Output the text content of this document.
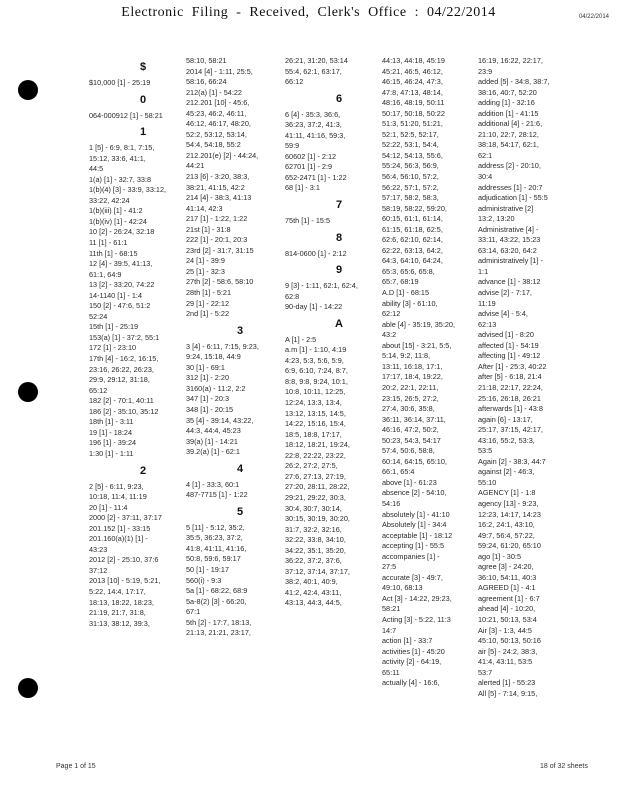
Electronic Filing - Received, Clerk's Office : 04/22/2014	04/22/2014
$
$10,000 [1] - 25:19
0
064-000912 [1] - 58:21
1
1 [5] - 6:9, 8:1, 7:15,
15:12, 33:6, 41:1,
44:5
1(a) [1] - 32:7, 33:8
1(b)(4) [3] - 33:9, 33:12,
33:22, 42:24
1(b)(iii) [1] - 41:2
1(b)(iv) [1] - 42:24
10 [2] - 26:24, 32:18
11 [1] - 61:1
11th [1] - 68:15
12 [4] - 39:5, 41:13,
61:1, 64:9
13 [2] - 33:20, 74:22
14-1140 [1] - 1:4
150 [2] - 47:6, 51:2
52:24
15th [1] - 25:19
153(a) [1] - 37:2, 55:1
172 [1] - 23:10
17th [4] - 16:2, 16:15,
23:16, 26:22, 26:23,
29:9, 29:12, 31:18,
65:12
182 [2] - 70:1, 40:11
186 [2] - 35:10, 35:12
18th [1] - 3:11
19 [1] - 18:24
196 [1] - 39:24
1:30 [1] - 1:11
2
2 [5] - 6:11, 9:23,
10:18, 11:4, 11:19
20 [1] - 11:4
2000 [2] - 37:11, 37:17
201.152 [1] - 33:15
201.160(a)(1) [1] -
43:23
2012 [2] - 25:10, 37:6
37:12
2013 [10] - 5:19, 5:21,
5:22, 14:4, 17:17,
18:13, 18:22, 18:23,
21:19, 21:7, 31:8,
31:13, 38:12, 39:3,
58:10, 58:21
2014 [4] - 1:11, 25:5,
58:16, 66:24
212(a) [1] - 54:22
212.201 [10] - 45:6,
45:23, 46:2, 46:11,
46:12, 46:17, 48:20,
52:2, 53:12, 53:14,
54:4, 54:18, 55:2
212.201(e) [2] - 44:24,
44:21
213 [6] - 3:20, 38:3,
38:21, 41:15, 42:2
214 [4] - 38:3, 41:13
41:14, 42:3
217 [1] - 1:22, 1:22
21st [1] - 31:8
222 [1] - 20:1, 20:3
23rd [2] - 31:7, 31:15
24 [1] - 39:9
25 [1] - 32:3
27th [2] - 58:6, 58:10
28th [1] - 5:21
29 [1] - 22:12
2nd [1] - 5:22
3
3 [4] - 6:11, 7:15, 9:23,
9:24, 15:18, 44:9
30 [1] - 69:1
312 [1] - 2:20
3160(a) - 11:2, 2:2
347 [1] - 20:3
348 [1] - 20:15
35 [4] - 39:14, 43:22,
44:3, 44:4, 45:23
39(a) [1] - 14:21
39.2(a) [1] - 62:1
4
4 [1] - 33:3, 60:1
487-7715 [1] - 1:22
5
5 [11] - 5:12, 35:2,
35:5, 36:23, 37:2,
41:8, 41:11, 41:16,
50:8, 59:6, 59:17
50 [1] - 19:17
560(i) - 9:3
5a [1] - 68:22, 68:9
5a-8(2) [3] - 66:20,
67:1
5th [2] - 17:7, 18:13,
21:13, 21:21, 23:17,
26:21, 31:20, 53:14
55:4, 62:1, 63:17,
66:12
6
6 [4] - 35:3, 36:6,
36:23, 37:2, 41:3,
41:11, 41:16, 59:3,
59:9
60602 [1] - 2:12
62701 [1] - 2:9
652-2471 [1] - 1:22
68 [1] - 3:1
7
75th [1] - 15:5
8
814-0600 [1] - 2:12
9
9 [3] - 1:11, 62:1, 62:4,
62:8
90-day [1] - 14:22
A
A [1] - 2:5
a.m [1] - 1:10, 4:19
4:23, 5:3, 5:6, 5:9,
6:9, 6:10, 7:24, 8:7,
8:8, 9:8, 9:24, 10:1,
10:8, 10:11, 12:25,
12:24, 13:3, 13:4,
13:12, 13:15, 14:5,
14:22, 15:16, 15:4,
18:5, 18:8, 17:17,
18:12, 18:21, 19:24,
22:8, 22:22, 23:22,
26:2, 27:2, 27:5,
27:6, 27:13, 27:19,
27:20, 28:11, 28:22,
29:21, 29:22, 30:3,
30:4, 30:7, 30:14,
30:15, 30:19, 30:20,
31:7, 32:2, 32:16,
32:22, 33:8, 34:10,
34:22, 35:1, 35:20,
36:22, 37:2, 37:6,
37:12, 37:14, 37:17,
38:2, 40:1, 40:9,
41:2, 42:4, 43:11,
43:13, 44:3, 44:5,
44:13, 44:18, 45:19
45:21, 46:5, 46:12,
46:15, 46:24, 47:3,
47:8, 47:13, 48:14,
48:16, 48:19, 50:11
50:17, 50:18, 50:22
51:3, 51:20, 51:21,
52:1, 52:5, 52:17,
52:22, 53:1, 54:4,
54:12, 54:13, 55:6,
55:24, 56:3, 56:9,
56:4, 56:10, 57:2,
56:22, 57:1, 57:2,
57:17, 58:2, 58:3,
58:19, 58:22, 59:20,
60:15, 61:1, 61:14,
61:15, 61:18, 62:5,
62:6, 62:10, 62:14,
62:22, 63:13, 64:2,
64:3, 64:10, 64:24,
65:3, 65:6, 65:8,
65:7, 68:19
A.D [1] - 68:15
ability [3] - 61:10,
62:12
able [4] - 35:19, 35:20,
43:2
about [15] - 3:21, 5:5,
5:14, 9:2, 11:8,
13:11, 16:18, 17:1,
17:17, 18:4, 19:22,
20:2, 22:1, 22:11,
23:15, 26:5, 27:2,
27:4, 30:6, 35:8,
36:11, 36:14, 37:11,
46:16, 47:2, 50:2,
50:23, 54:3, 54:17
57:4, 50:6, 58:8,
60:14, 64:15, 65:10,
66:1, 65:4
above [1] - 61:23
absence [2] - 54:10,
54:16
absolutely [1] - 41:10
Absolutely [1] - 34:4
acceptable [1] - 18:12
accepting [1] - 55:5
accompanies [1] -
27:5
accurate [3] - 49:7,
49:10, 68:13
Act [3] - 14:22, 29:23,
58:21
Acting [3] - 5:22, 11:3
14:7
action [1] - 33:7
activities [1] - 45:20
activity [2] - 64:19,
65:11
actually [4] - 16:6,
16:19, 16:22, 22:17,
23:9
added [5] - 34:8, 38:7,
38:16, 40:7, 52:20
adding [1] - 32:16
addition [1] - 41:15
additional [4] - 21:6,
21:10, 22:7, 28:12,
38:18, 54:17, 62:1,
62:1
address [2] - 20:10,
30:4
addresses [1] - 20:7
adjudication [1] - 55:5
administrative [2]
13:2, 13:20
Administrative [4] -
33:11, 43:22, 15:23
63:14, 63:20, 64:2
administratively [1] -
1:1
advance [1] - 38:12
advise [2] - 7:17,
11:19
advise [4] - 5:4,
62:13
advised [1] - 8:20
affected [1] - 54:19
affecting [1] - 49:12
After [1] - 25:3, 40:22
after [5] - 6:18, 21:4
21:18, 22:17, 22:24,
25:16, 26:18, 26:21
afterwards [1] - 43:8
again [6] - 13:17,
25:17, 37:15, 42:17,
43:16, 55:2, 53:3,
53:5
Again [2] - 38:3, 44:7
against [2] - 46:3,
55:10
AGENCY [1] - 1:8
agency [13] - 9:23,
12:23, 14:17, 14:23
16:2, 24:1, 43:10,
49:7, 56:4, 57:22,
59:24, 61:20, 65:10
ago [1] - 30:5
agree [3] - 24:20,
36:10, 54:11, 40:3
AGREED [1] - 4:1
agreement [1] - 6:7
ahead [4] - 10:20,
10:21, 50:13, 53:4
Air [3] - 1:3, 44:5
45:10, 50:13, 50:16
air [5] - 24:2, 38:3,
41:4, 43:11, 53:5
53:7
alerted [1] - 55:23
All [5] - 7:14, 9:15,
Page 1 of 15	18 of 32 sheets
